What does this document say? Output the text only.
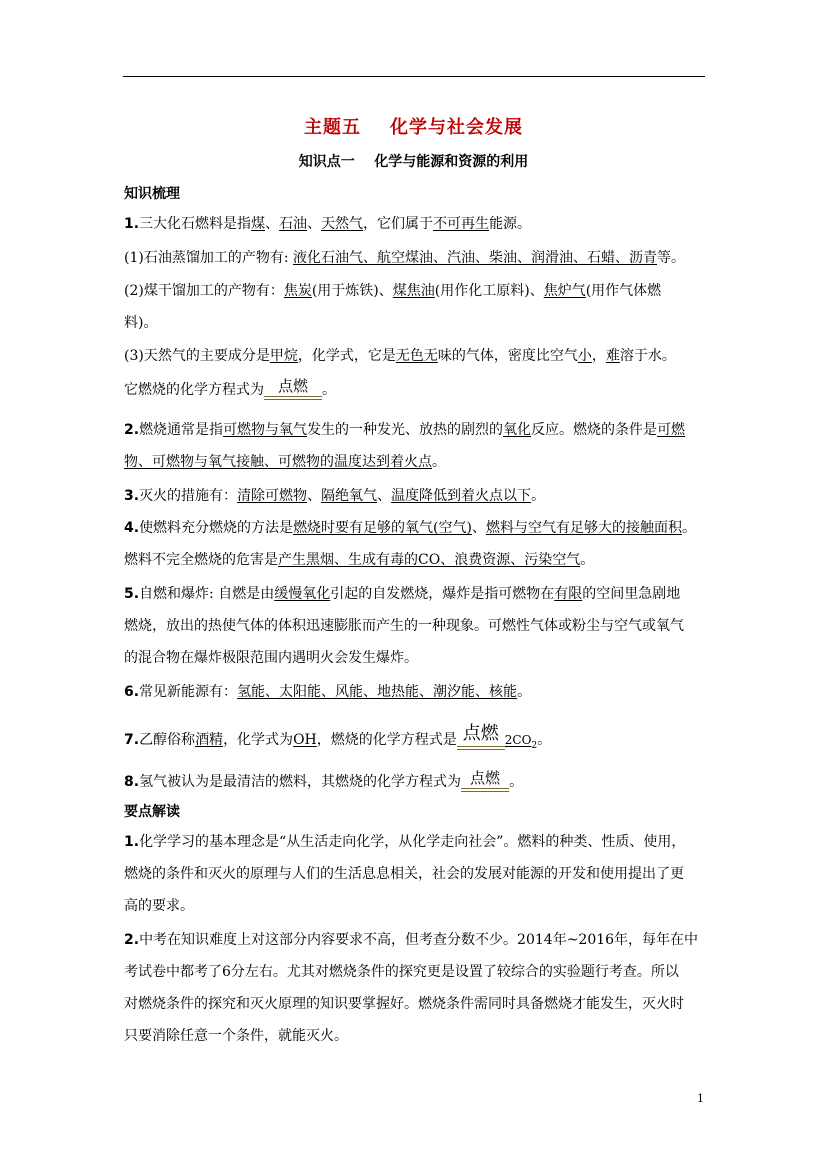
主题五    化学与社会发展
知识点一    化学与能源和资源的利用
知识梳理
1.三大化石燃料是指煤、石油、天然气，它们属于不可再生能源。
(1)石油蒸馏加工的产物有: 液化石油气、航空煤油、汽油、柴油、润滑油、石蜡、沥青等。
(2)煤干馏加工的产物有：焦炭(用于炼铁)、煤焦油(用作化工原料)、焦炉气(用作气体燃
料)。
(3)天然气的主要成分是甲烷，化学式，它是无色无味的气体，密度比空气小，难溶于水。
它燃烧的化学方程式为 点燃	。
2.燃烧通常是指可燃物与氧气发生的一种发光、放热的剧烈的氧化反应。燃烧的条件是可燃
物、可燃物与氧气接触、可燃物的温度达到着火点。
3.灭火的措施有：清除可燃物、隔绝氧气、温度降低到着火点以下。
4.使燃料充分燃烧的方法是燃烧时要有足够的氧气(空气)、燃料与空气有足够大的接触面积。
燃料不完全燃烧的危害是产生黑烟、生成有毒的CO、浪费资源、污染空气。
5.自燃和爆炸: 自燃是由缓慢氧化引起的自发燃烧，爆炸是指可燃物在有限的空间里急剧地
燃烧，放出的热使气体的体积迅速膨胀而产生的一种现象。可燃性气体或粉尘与空气或氧气
的混合物在爆炸极限范围内遇明火会发生爆炸。
6.常见新能源有：氢能、太阳能、风能、地热能、潮汐能、核能。
7.乙醇俗称酒精，化学式为OH，燃烧的化学方程式是 点燃 $2CO_2$。
8.氢气被认为是最清洁的燃料，其燃烧的化学方程式为 点燃 。
要点解读
1.化学学习的基本理念是“从生活走向化学，从化学走向社会”。燃料的种类、性质、使用，
燃烧的条件和灭火的原理与人们的生活息息相关，社会的发展对能源的开发和使用提出了更
高的要求。
2.中考在知识难度上对这部分内容要求不高，但考查分数不少。2014年~2016年，每年在中
考试卷中都考了6分左右。尤其对燃烧条件的探究更是设置了较综合的实验题行考查。所以
对燃烧条件的探究和灭火原理的知识要掌握好。燃烧条件需同时具备燃烧才能发生，灭火时
只要消除任意一个条件，就能灭火。
1
